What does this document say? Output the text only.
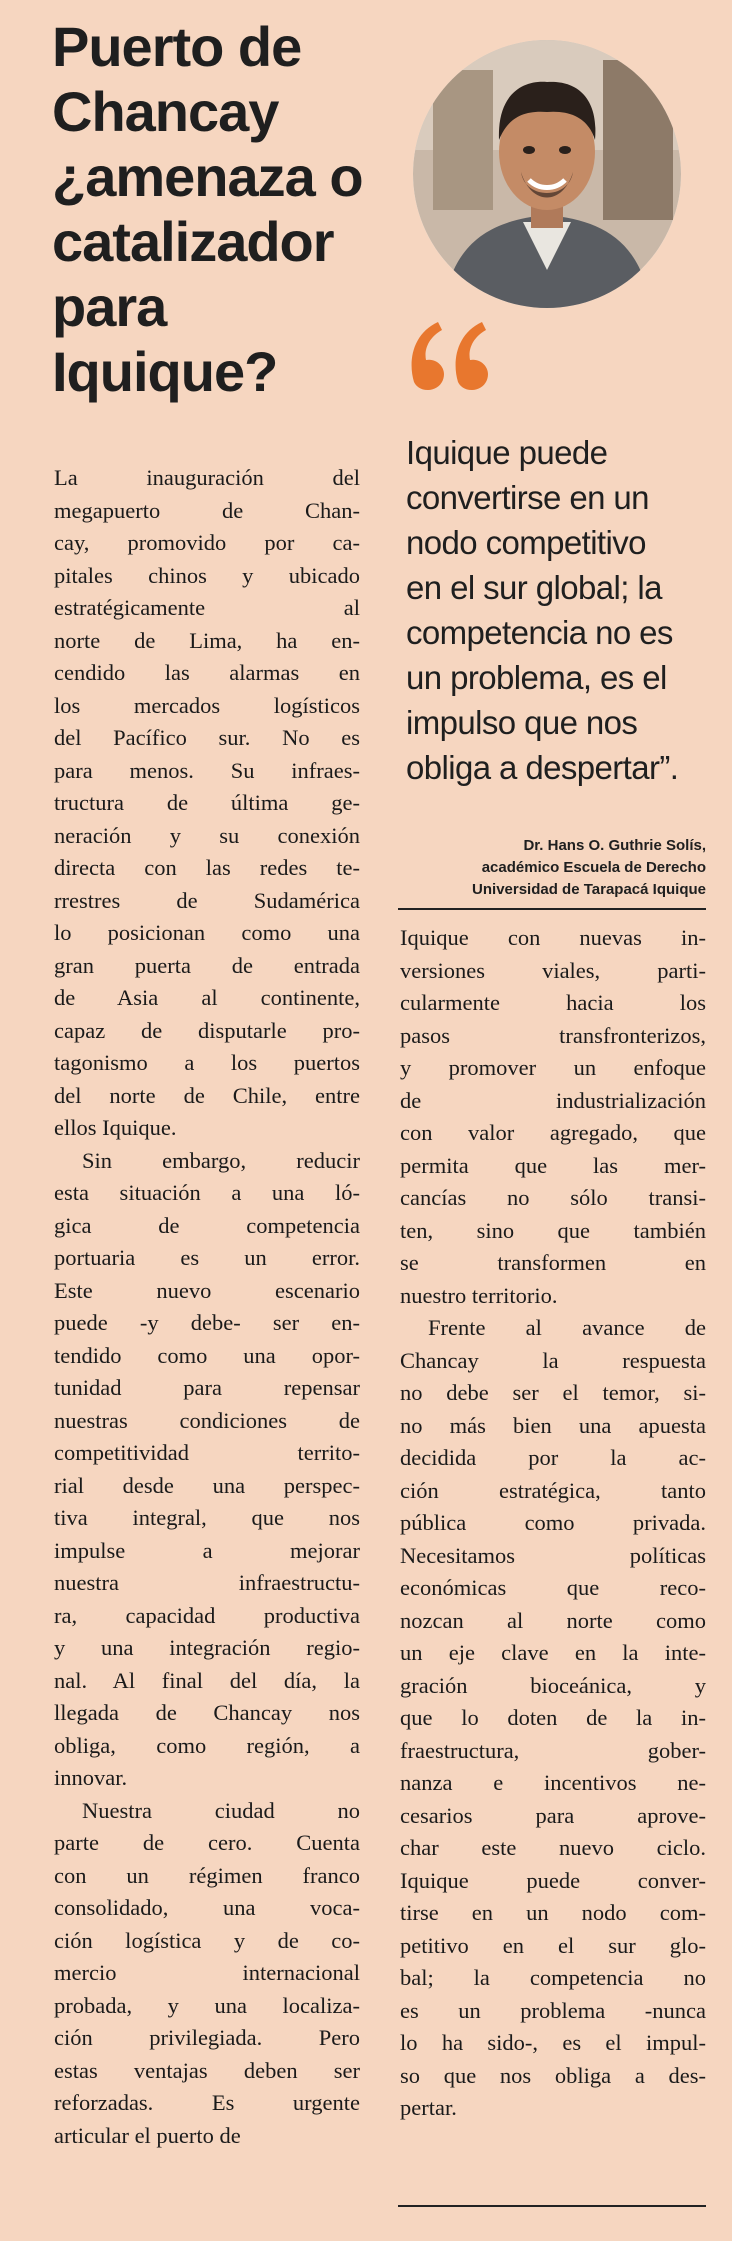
Puerto de
Chancay
¿amenaza o
catalizador
para
Iquique?
Iquique puede
convertirse en un
nodo competitivo
en el sur global; la
competencia no es
un problema, es el
impulso que nos
obliga a despertar”.
Dr. Hans O. Guthrie Solís,
académico Escuela de Derecho
Universidad de Tarapacá Iquique
La inauguración del
megapuerto de Chan-
cay, promovido por ca-
pitales chinos y ubicado
estratégicamente al
norte de Lima, ha en-
cendido las alarmas en
los mercados logísticos
del Pacífico sur. No es
para menos. Su infraes-
tructura de última ge-
neración y su conexión
directa con las redes te-
rrestres de Sudamérica
lo posicionan como una
gran puerta de entrada
de Asia al continente,
capaz de disputarle pro-
tagonismo a los puertos
del norte de Chile, entre
ellos Iquique.
Sin embargo, reducir
esta situación a una ló-
gica de competencia
portuaria es un error.
Este nuevo escenario
puede -y debe- ser en-
tendido como una opor-
tunidad para repensar
nuestras condiciones de
competitividad territo-
rial desde una perspec-
tiva integral, que nos
impulse a mejorar
nuestra infraestructu-
ra, capacidad productiva
y una integración regio-
nal. Al final del día, la
llegada de Chancay nos
obliga, como región, a
innovar.
Nuestra ciudad no
parte de cero. Cuenta
con un régimen franco
consolidado, una voca-
ción logística y de co-
mercio internacional
probada, y una localiza-
ción privilegiada. Pero
estas ventajas deben ser
reforzadas. Es urgente
articular el puerto de
Iquique con nuevas in-
versiones viales, parti-
cularmente hacia los
pasos transfronterizos,
y promover un enfoque
de industrialización
con valor agregado, que
permita que las mer-
cancías no sólo transi-
ten, sino que también
se transformen en
nuestro territorio.
Frente al avance de
Chancay la respuesta
no debe ser el temor, si-
no más bien una apuesta
decidida por la ac-
ción estratégica, tanto
pública como privada.
Necesitamos políticas
económicas que reco-
nozcan al norte como
un eje clave en la inte-
gración bioceánica, y
que lo doten de la in-
fraestructura, gober-
nanza e incentivos ne-
cesarios para aprove-
char este nuevo ciclo.
Iquique puede conver-
tirse en un nodo com-
petitivo en el sur glo-
bal; la competencia no
es un problema -nunca
lo ha sido-, es el impul-
so que nos obliga a des-
pertar.
